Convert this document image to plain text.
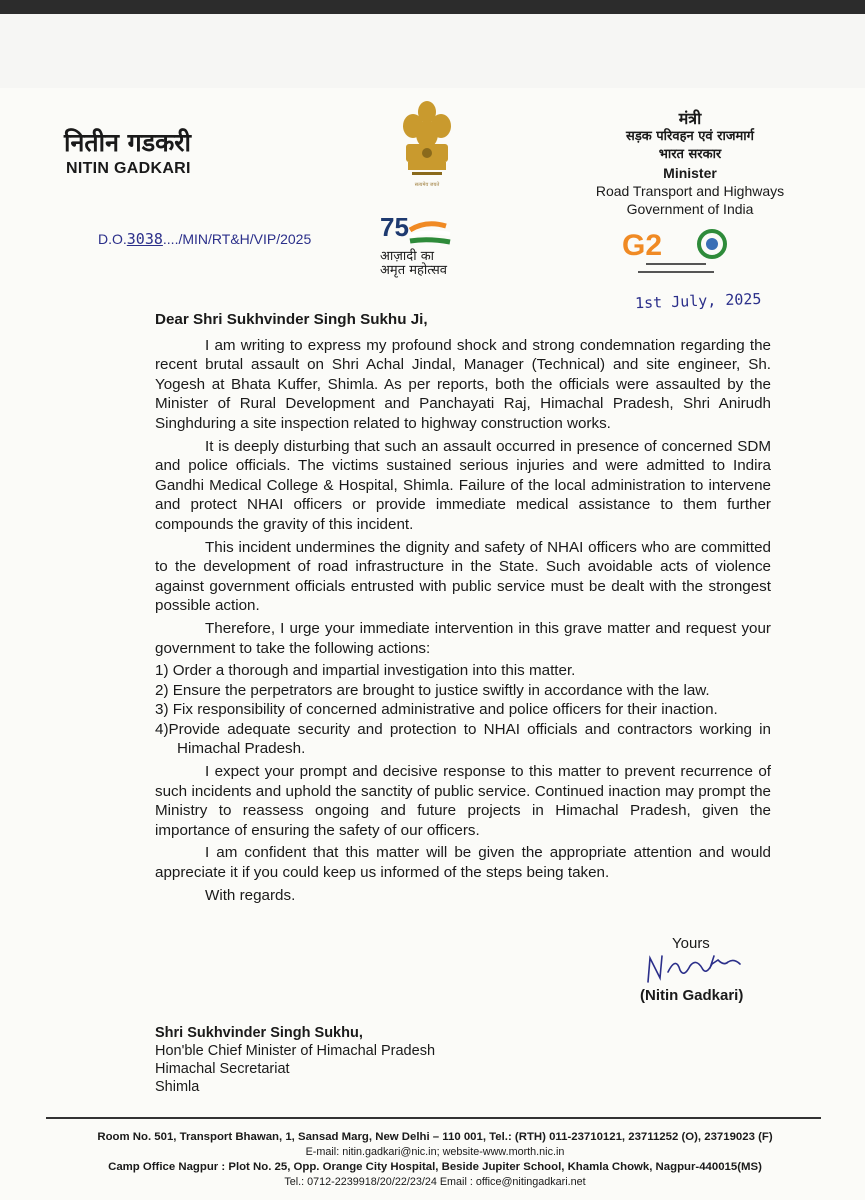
नितीन गडकरी
NITIN GADKARI
सत्यमेव जयते
75
आज़ादी का
अमृत महोत्सव
मंत्री
सड़क परिवहन एवं राजमार्ग
भारत सरकार
Minister
Road Transport and Highways
Government of India
G2
1st July, 2025
D.O.3038..../MIN/RT&H/VIP/2025
Dear Shri Sukhvinder Singh Sukhu Ji,

I am writing to express my profound shock and strong condemnation regarding the recent brutal assault on Shri Achal Jindal, Manager (Technical) and site engineer, Sh. Yogesh at Bhata Kuffer, Shimla. As per reports, both the officials were assaulted by the Minister of Rural Development and Panchayati Raj, Himachal Pradesh, Shri Anirudh Singhduring a site inspection related to highway construction works.

It is deeply disturbing that such an assault occurred in presence of concerned SDM and police officials. The victims sustained serious injuries and were admitted to Indira Gandhi Medical College & Hospital, Shimla. Failure of the local administration to intervene and protect NHAI officers or provide immediate medical assistance to them further compounds the gravity of this incident.

This incident undermines the dignity and safety of NHAI officers who are committed to the development of road infrastructure in the State. Such avoidable acts of violence against government officials entrusted with public service must be dealt with the strongest possible action.

Therefore, I urge your immediate intervention in this grave matter and request your government to take the following actions:

1) Order a thorough and impartial investigation into this matter.

2) Ensure the perpetrators are brought to justice swiftly in accordance with the law.

3) Fix responsibility of concerned administrative and police officers for their inaction.

4)Provide adequate security and protection to NHAI officials and contractors working in Himachal Pradesh.

I expect your prompt and decisive response to this matter to prevent recurrence of such incidents and uphold the sanctity of public service. Continued inaction may prompt the Ministry to reassess ongoing and future projects in Himachal Pradesh, given the importance of ensuring the safety of our officers.

I am confident that this matter will be given the appropriate attention and would appreciate it if you could keep us informed of the steps being taken.

With regards.

Yours
(Nitin Gadkari)
Shri Sukhvinder Singh Sukhu,
Hon'ble Chief Minister of Himachal Pradesh
Himachal Secretariat
Shimla
Room No. 501, Transport Bhawan, 1, Sansad Marg, New Delhi – 110 001, Tel.: (RTH) 011-23710121, 23711252 (O), 23719023 (F)
E-mail: nitin.gadkari@nic.in; website-www.morth.nic.in
Camp Office Nagpur : Plot No. 25, Opp. Orange City Hospital, Beside Jupiter School, Khamla Chowk, Nagpur-440015(MS)
Tel.: 0712-2239918/20/22/23/24 Email : office@nitingadkari.net
